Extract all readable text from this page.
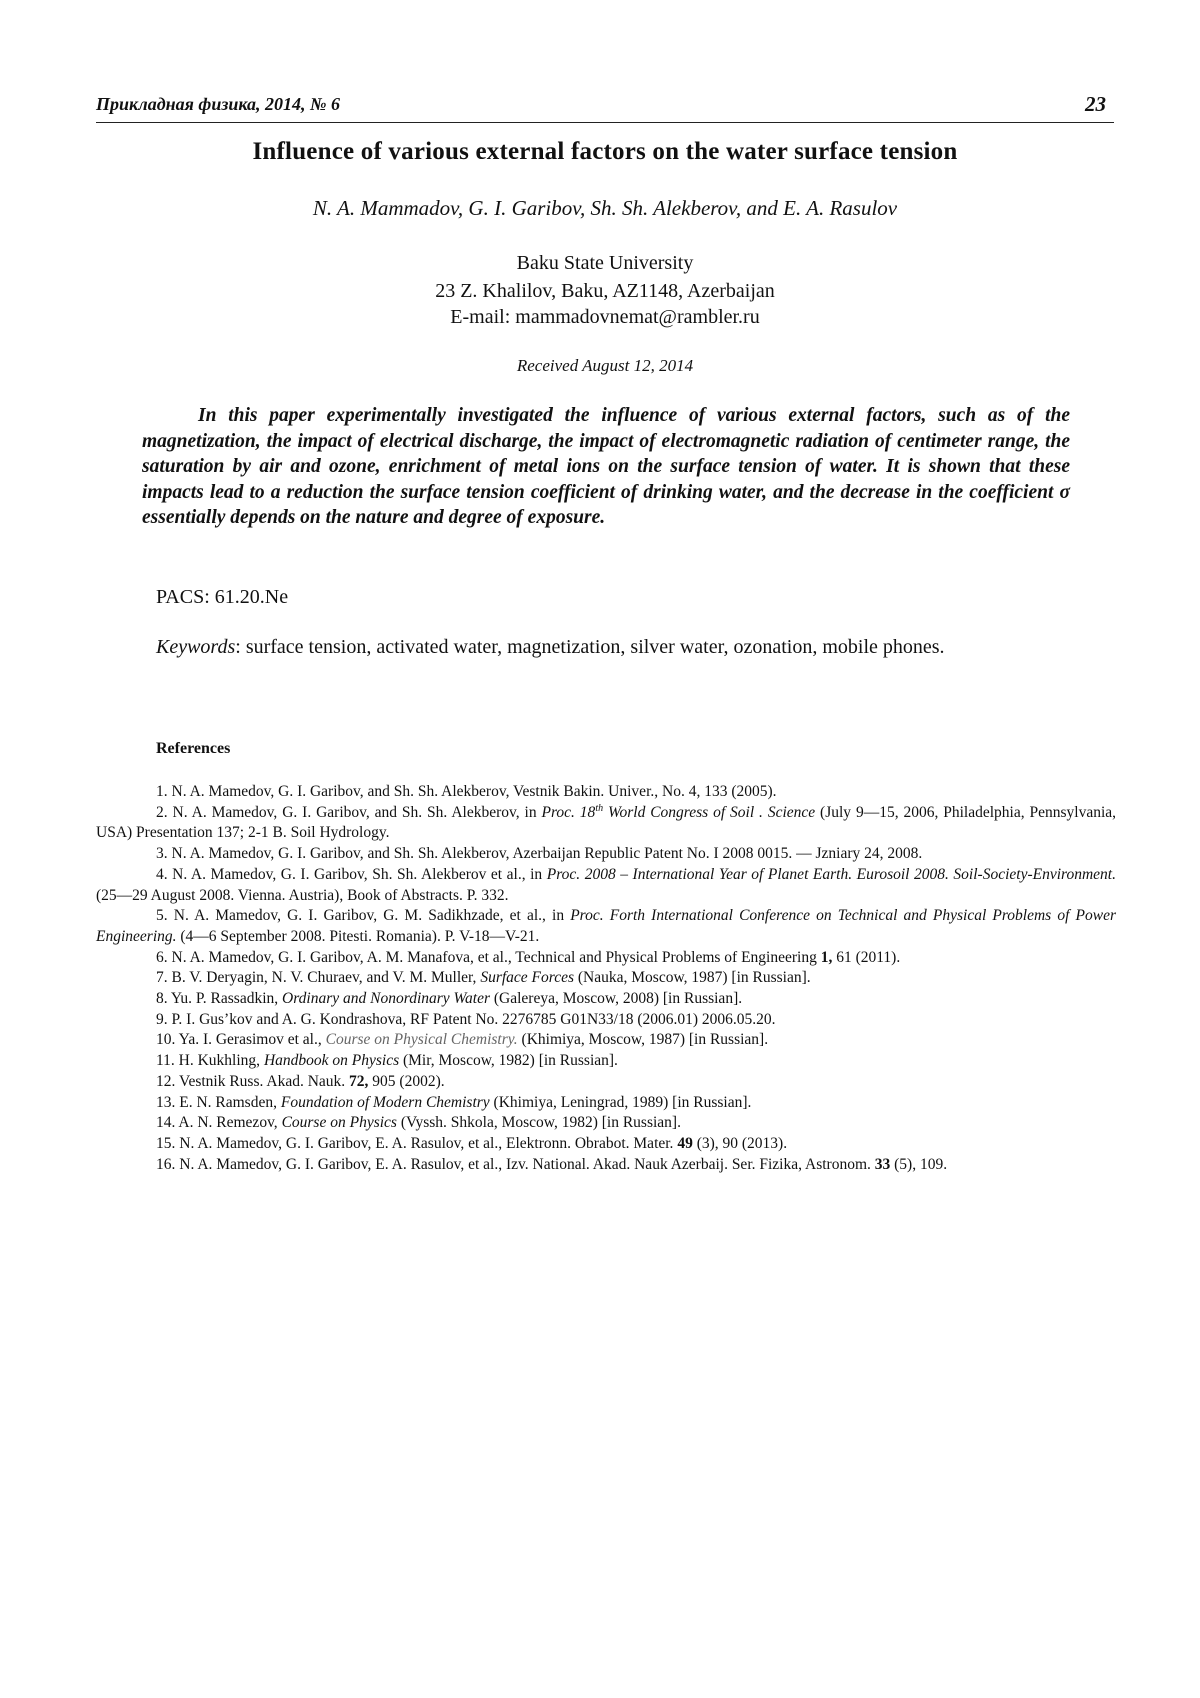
Прикладная физика, 2014, № 6	23
Influence of various external factors on the water surface tension
N. A. Mammadov, G. I. Garibov, Sh. Sh. Alekberov, and E. A. Rasulov
Baku State University
23 Z. Khalilov, Baku, AZ1148, Azerbaijan
E-mail: mammadovnemat@rambler.ru
Received August 12, 2014

In this paper experimentally investigated the influence of various external factors, such as of the magnetization, the impact of electrical discharge, the impact of electromagnetic radiation of centimeter range, the saturation by air and ozone, enrichment of metal ions on the surface tension of water. It is shown that these impacts lead to a reduction the surface tension coefficient of drinking water, and the decrease in the coefficient σ essentially depends on the nature and degree of exposure.

PACS: 61.20.Ne
Keywords: surface tension, activated water, magnetization, silver water, ozonation, mobile phones.
References
1. N. A. Mamedov, G. I. Garibov, and Sh. Sh. Alekberov, Vestnik Bakin. Univer., No. 4, 133 (2005).
2. N. A. Mamedov, G. I. Garibov, and Sh. Sh. Alekberov, in Proc. 18th World Congress of Soil . Science (July 9—15, 2006, Philadelphia, Pennsylvania, USA) Presentation 137; 2-1 B. Soil Hydrology.
3. N. A. Mamedov, G. I. Garibov, and Sh. Sh. Alekberov, Azerbaijan Republic Patent No. I 2008 0015. — Jzniary 24, 2008.
4. N. A. Mamedov, G. I. Garibov, Sh. Sh. Alekberov et al., in Proc. 2008 – International Year of Planet Earth. Eurosoil 2008. Soil-Society-Environment. (25—29 August 2008. Vienna. Austria), Book of Abstracts. P. 332.
5. N. A. Mamedov, G. I. Garibov, G. M. Sadikhzade, et al., in Proc. Forth International Conference on Technical and Physical Problems of Power Engineering. (4—6 September 2008. Pitesti. Romania). P. V-18—V-21.
6. N. A. Mamedov, G. I. Garibov, A. M. Manafova, et al., Technical and Physical Problems of Engineering 1, 61 (2011).
7. B. V. Deryagin, N. V. Churaev, and V. M. Muller, Surface Forces (Nauka, Moscow, 1987) [in Russian].
8. Yu. P. Rassadkin, Ordinary and Nonordinary Water (Galereya, Moscow, 2008) [in Russian].
9. P. I. Gus’kov and A. G. Kondrashova, RF Patent No. 2276785 G01N33/18 (2006.01) 2006.05.20.
10. Ya. I. Gerasimov et al., Course on Physical Chemistry. (Khimiya, Moscow, 1987) [in Russian].
11. H. Kukhling, Handbook on Physics (Mir, Moscow, 1982) [in Russian].
12. Vestnik Russ. Akad. Nauk. 72, 905 (2002).
13. E. N. Ramsden, Foundation of Modern Chemistry (Khimiya, Leningrad, 1989) [in Russian].
14. A. N. Remezov, Course on Physics (Vyssh. Shkola, Moscow, 1982) [in Russian].
15. N. A. Mamedov, G. I. Garibov, E. A. Rasulov, et al., Elektronn. Obrabot. Mater. 49 (3), 90 (2013).
16. N. A. Mamedov, G. I. Garibov, E. A. Rasulov, et al., Izv. National. Akad. Nauk Azerbaij. Ser. Fizika, Astronom. 33 (5), 109.
